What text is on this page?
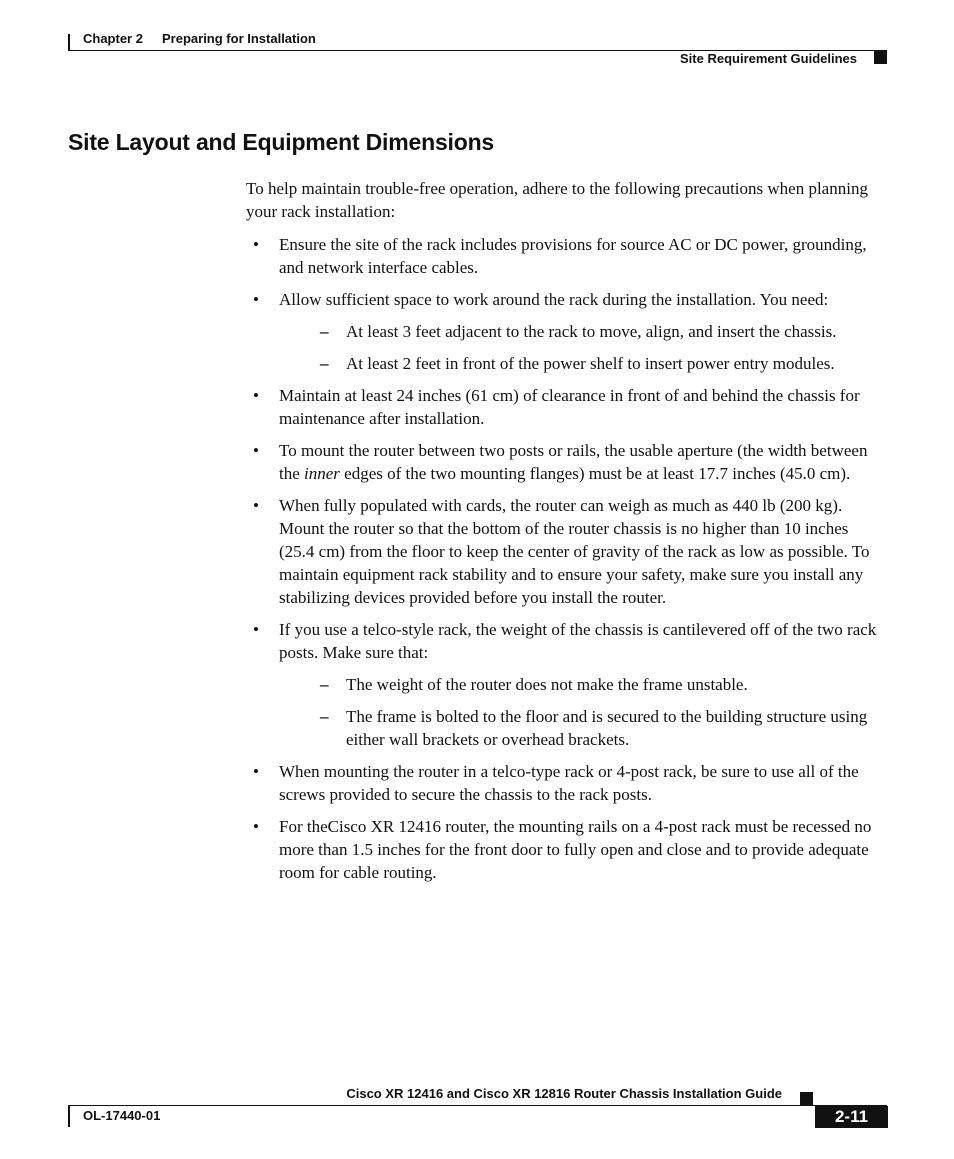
Chapter 2 Preparing for Installation
Site Requirement Guidelines
Site Layout and Equipment Dimensions

To help maintain trouble-free operation, adhere to the following precautions when planning your rack installation:

• Ensure the site of the rack includes provisions for source AC or DC power, grounding, and network interface cables.
• Allow sufficient space to work around the rack during the installation. You need:
– At least 3 feet adjacent to the rack to move, align, and insert the chassis.
– At least 2 feet in front of the power shelf to insert power entry modules.
• Maintain at least 24 inches (61 cm) of clearance in front of and behind the chassis for maintenance after installation.
• To mount the router between two posts or rails, the usable aperture (the width between the inner edges of the two mounting flanges) must be at least 17.7 inches (45.0 cm).
• When fully populated with cards, the router can weigh as much as 440 lb (200 kg). Mount the router so that the bottom of the router chassis is no higher than 10 inches (25.4 cm) from the floor to keep the center of gravity of the rack as low as possible. To maintain equipment rack stability and to ensure your safety, make sure you install any stabilizing devices provided before you install the router.
• If you use a telco-style rack, the weight of the chassis is cantilevered off of the two rack posts. Make sure that:
– The weight of the router does not make the frame unstable.
– The frame is bolted to the floor and is secured to the building structure using either wall brackets or overhead brackets.
• When mounting the router in a telco-type rack or 4-post rack, be sure to use all of the screws provided to secure the chassis to the rack posts.
• For theCisco XR 12416 router, the mounting rails on a 4-post rack must be recessed no more than 1.5 inches for the front door to fully open and close and to provide adequate room for cable routing.
Cisco XR 12416 and Cisco XR 12816 Router Chassis Installation Guide
OL-17440-01	2-11
